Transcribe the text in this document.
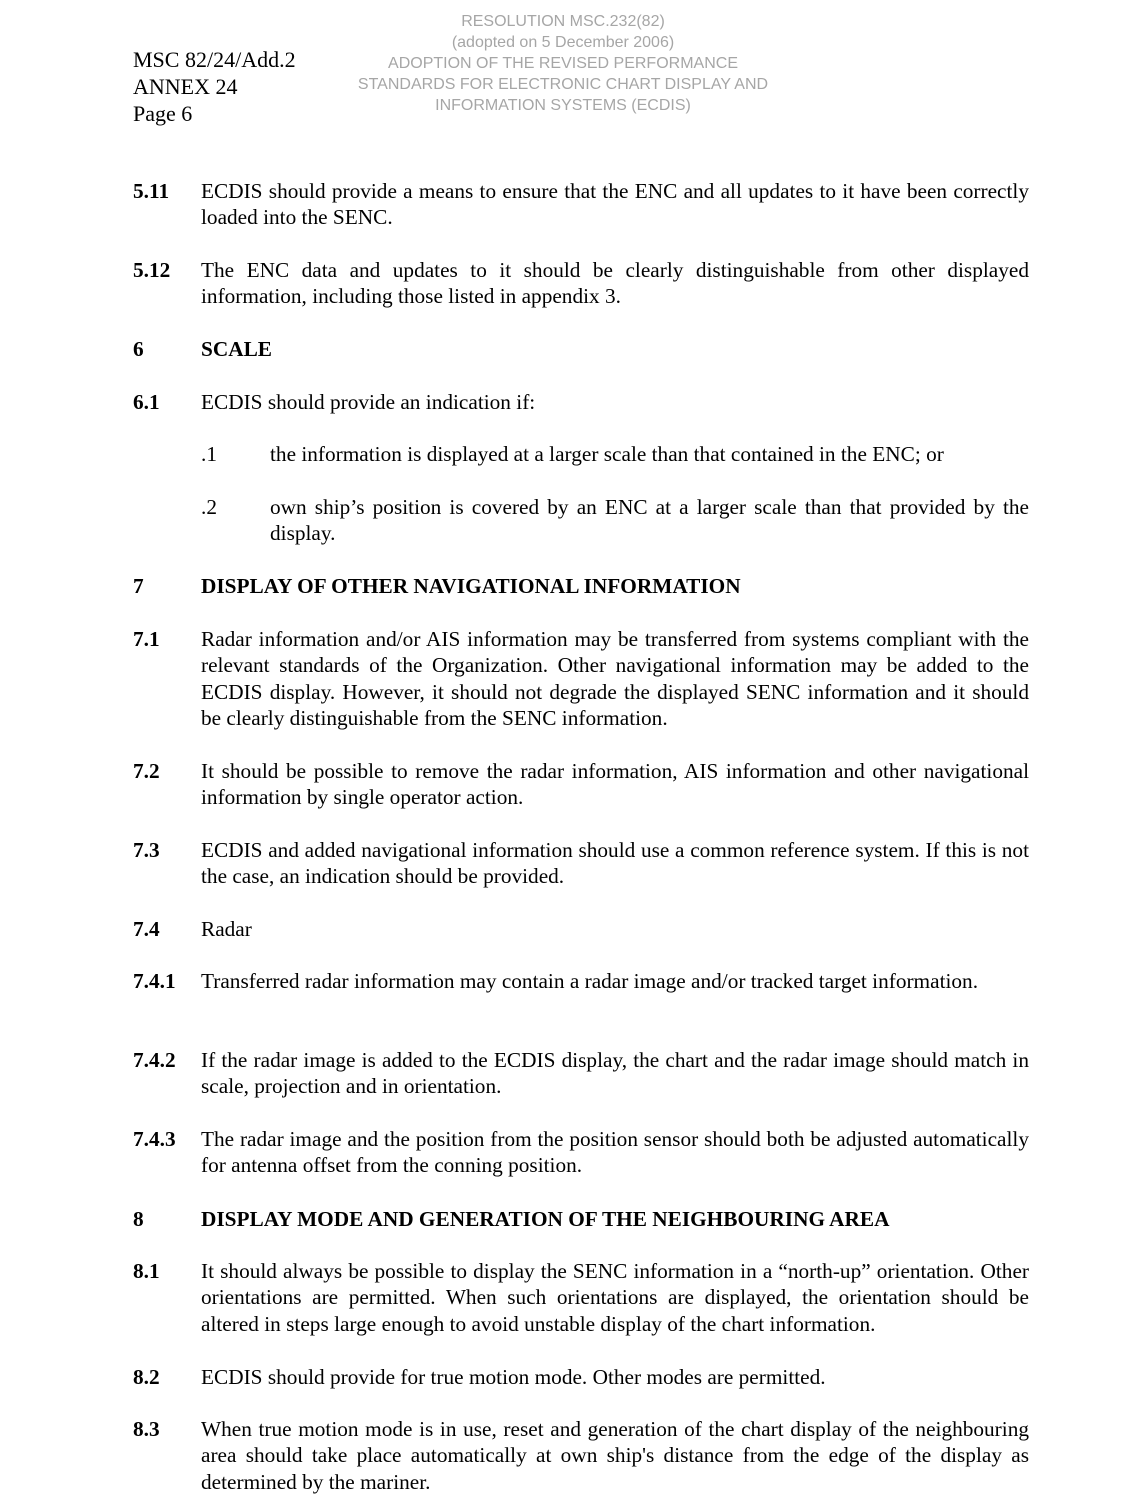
MSC 82/24/Add.2
ANNEX 24
Page 6
RESOLUTION MSC.232(82)
(adopted on 5 December 2006)
ADOPTION OF THE REVISED PERFORMANCE
STANDARDS FOR ELECTRONIC CHART DISPLAY AND
INFORMATION SYSTEMS (ECDIS)
5.11 ECDIS should provide a means to ensure that the ENC and all updates to it have been correctly loaded into the SENC.
5.12 The ENC data and updates to it should be clearly distinguishable from other displayed information, including those listed in appendix 3.
6	SCALE
6.1 ECDIS should provide an indication if:
.1 the information is displayed at a larger scale than that contained in the ENC; or
.2 own ship’s position is covered by an ENC at a larger scale than that provided by the display.
7	DISPLAY OF OTHER NAVIGATIONAL INFORMATION
7.1 Radar information and/or AIS information may be transferred from systems compliant with the relevant standards of the Organization. Other navigational information may be added to the ECDIS display. However, it should not degrade the displayed SENC information and it should be clearly distinguishable from the SENC information.
7.2 It should be possible to remove the radar information, AIS information and other navigational information by single operator action.
7.3 ECDIS and added navigational information should use a common reference system. If this is not the case, an indication should be provided.
7.4 Radar
7.4.1 Transferred radar information may contain a radar image and/or tracked target information.
7.4.2 If the radar image is added to the ECDIS display, the chart and the radar image should match in scale, projection and in orientation.
7.4.3 The radar image and the position from the position sensor should both be adjusted automatically for antenna offset from the conning position.
8	DISPLAY MODE AND GENERATION OF THE NEIGHBOURING AREA
8.1 It should always be possible to display the SENC information in a “north-up” orientation. Other orientations are permitted. When such orientations are displayed, the orientation should be altered in steps large enough to avoid unstable display of the chart information.
8.2 ECDIS should provide for true motion mode. Other modes are permitted.
8.3 When true motion mode is in use, reset and generation of the chart display of the neighbouring area should take place automatically at own ship's distance from the edge of the display as determined by the mariner.
